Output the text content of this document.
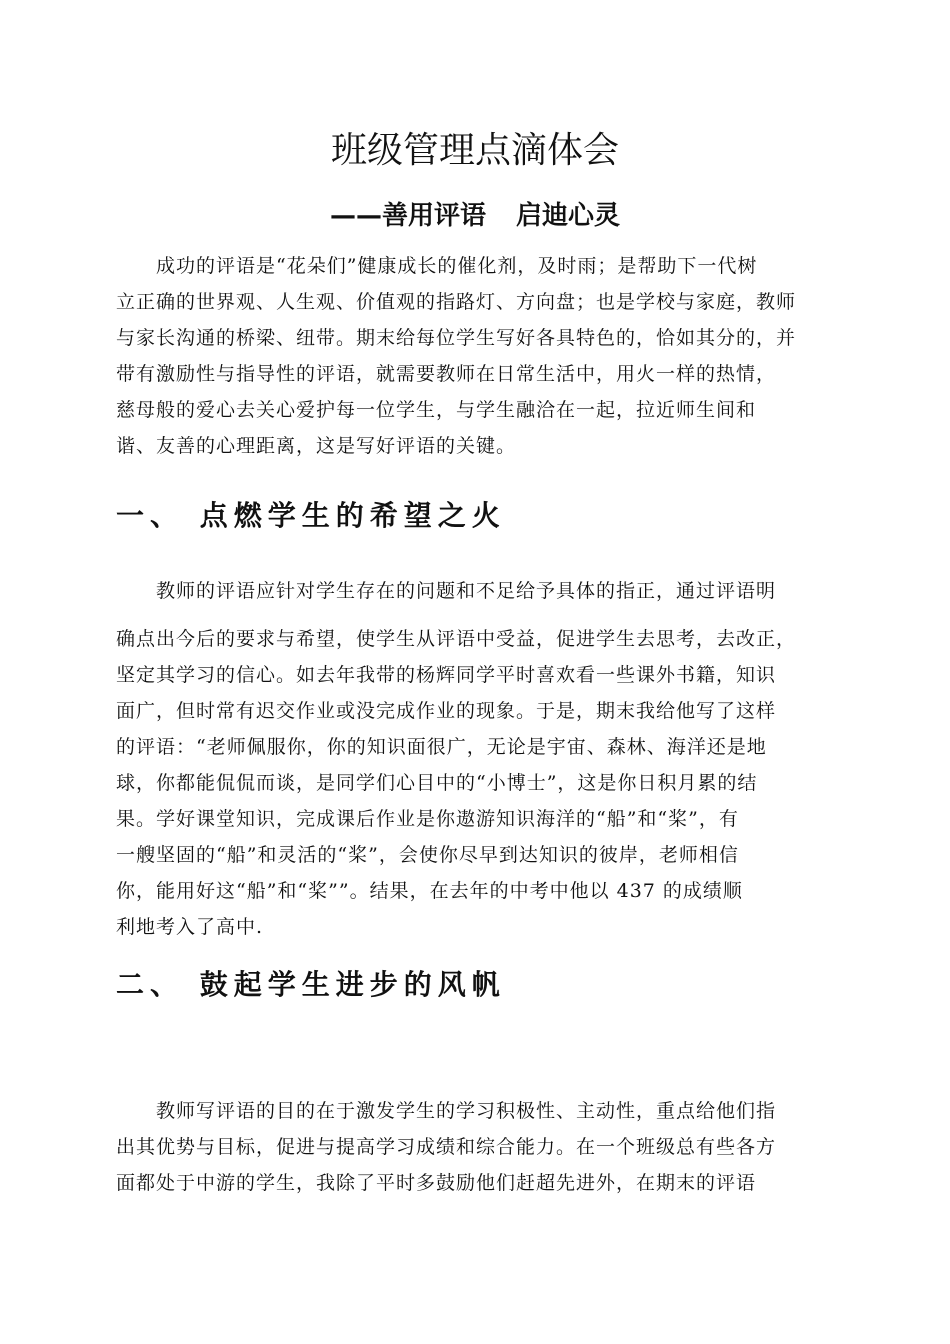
班级管理点滴体会
——善用评语 启迪心灵

成功的评语是“花朵们”健康成长的催化剂，及时雨；是帮助下一代树
立正确的世界观、人生观、价值观的指路灯、方向盘；也是学校与家庭，教师
与家长沟通的桥梁、纽带。期末给每位学生写好各具特色的，恰如其分的，并
带有激励性与指导性的评语，就需要教师在日常生活中，用火一样的热情，
慈母般的爱心去关心爱护每一位学生，与学生融洽在一起，拉近师生间和
谐、友善的心理距离，这是写好评语的关键。

一、 点燃学生的希望之火

教师的评语应针对学生存在的问题和不足给予具体的指正，通过评语明
确点出今后的要求与希望，使学生从评语中受益，促进学生去思考，去改正，
坚定其学习的信心。如去年我带的杨辉同学平时喜欢看一些课外书籍，知识
面广，但时常有迟交作业或没完成作业的现象。于是，期末我给他写了这样
的评语：“老师佩服你，你的知识面很广，无论是宇宙、森林、海洋还是地
球，你都能侃侃而谈，是同学们心目中的“小博士”，这是你日积月累的结
果。学好课堂知识，完成课后作业是你遨游知识海洋的“船”和“桨”，有
一艘坚固的“船”和灵活的“桨”，会使你尽早到达知识的彼岸，老师相信
你，能用好这“船”和“桨””。结果，在去年的中考中他以 437 的成绩顺
利地考入了高中.

二、 鼓起学生进步的风帆

教师写评语的目的在于激发学生的学习积极性、主动性，重点给他们指
出其优势与目标，促进与提高学习成绩和综合能力。在一个班级总有些各方
面都处于中游的学生，我除了平时多鼓励他们赶超先进外，在期末的评语
